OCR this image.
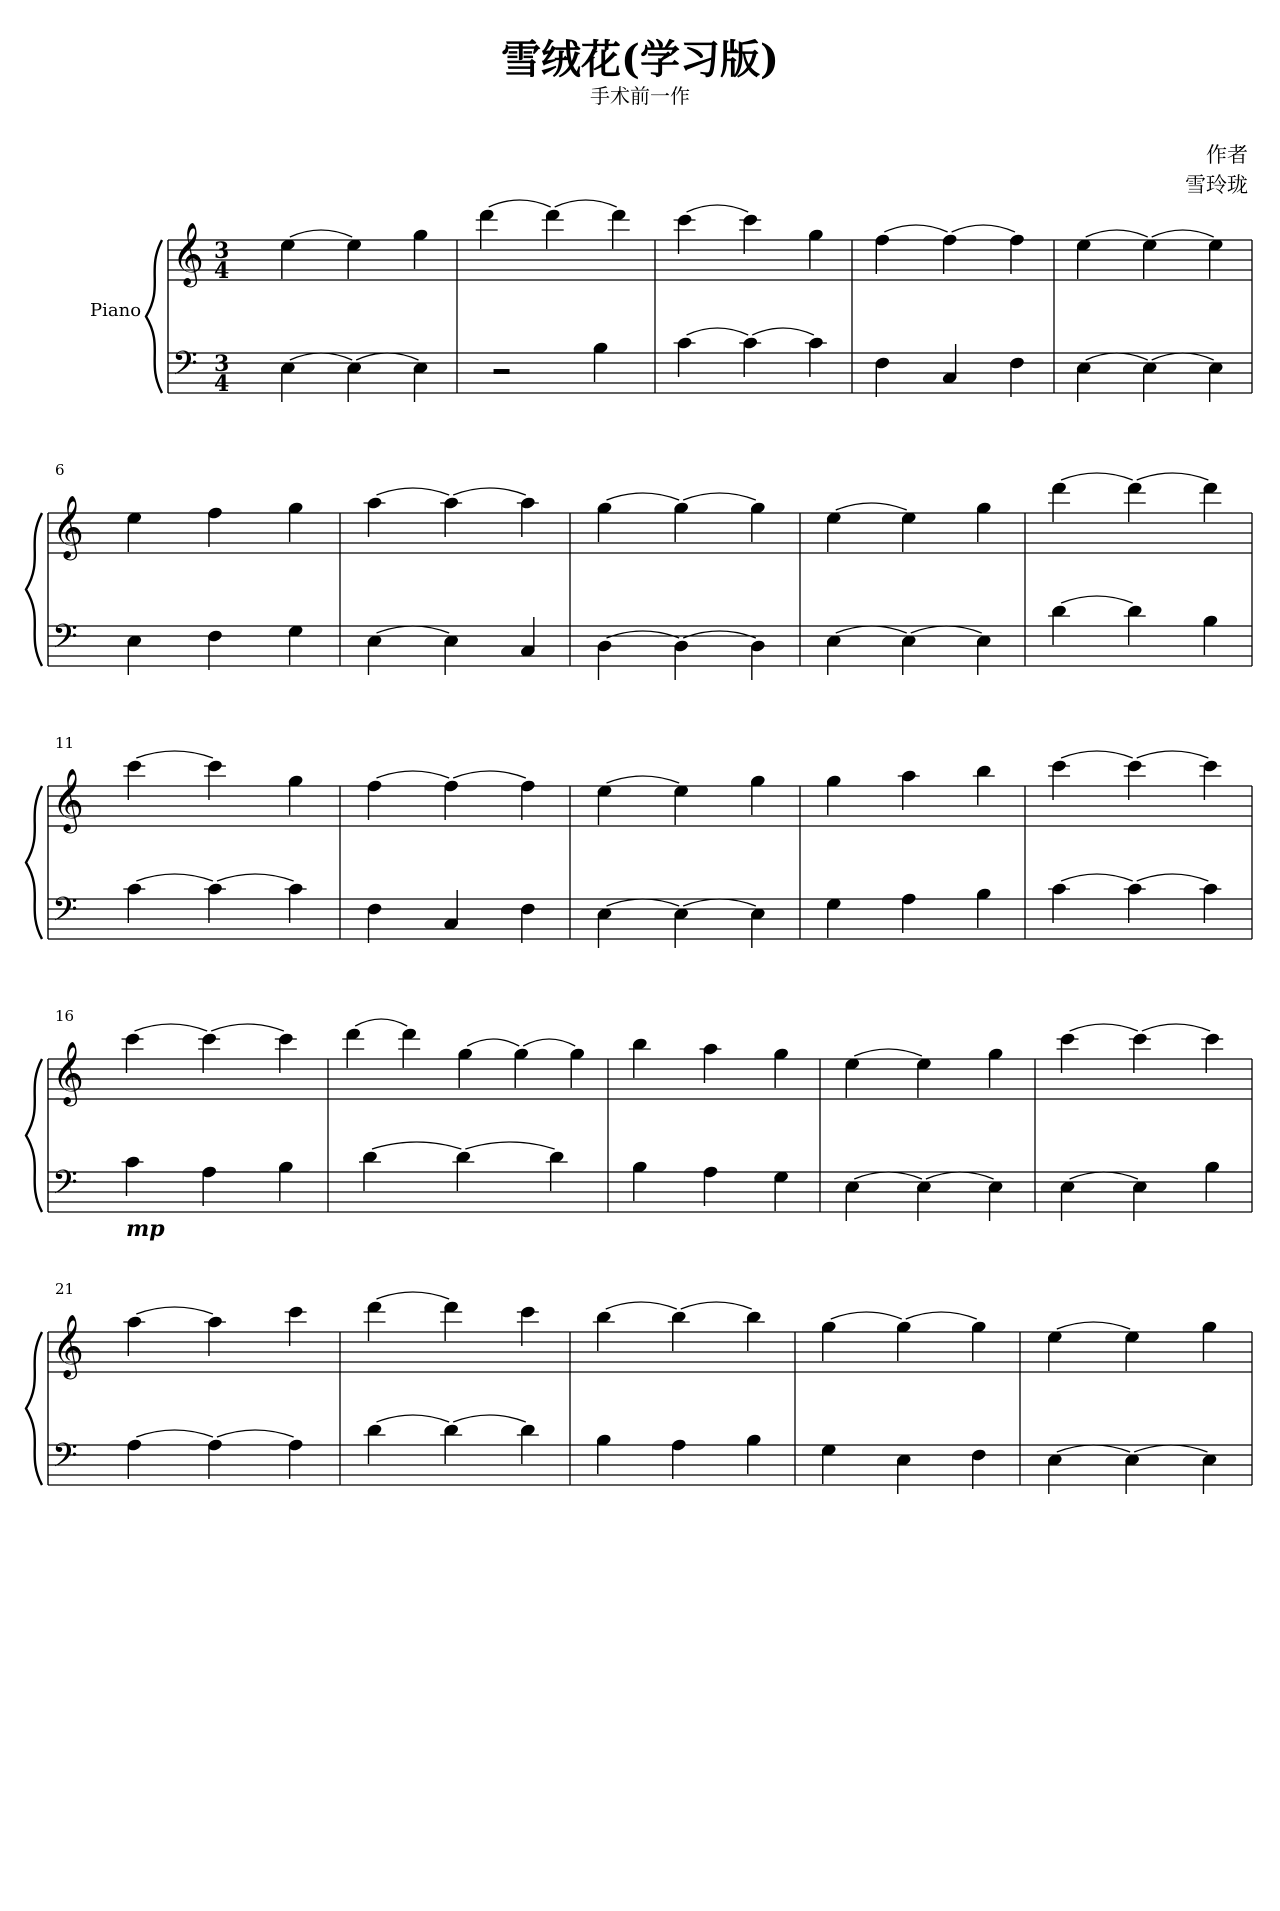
雪绒花(学习版)
手术前一作
作者
雪玲珑
Piano
6
11
16
21
mp
𝄞
𝄢
3
4
3
4
𝄞
𝄢
𝄞
𝄢
𝄞
𝄢
𝄞
𝄢
